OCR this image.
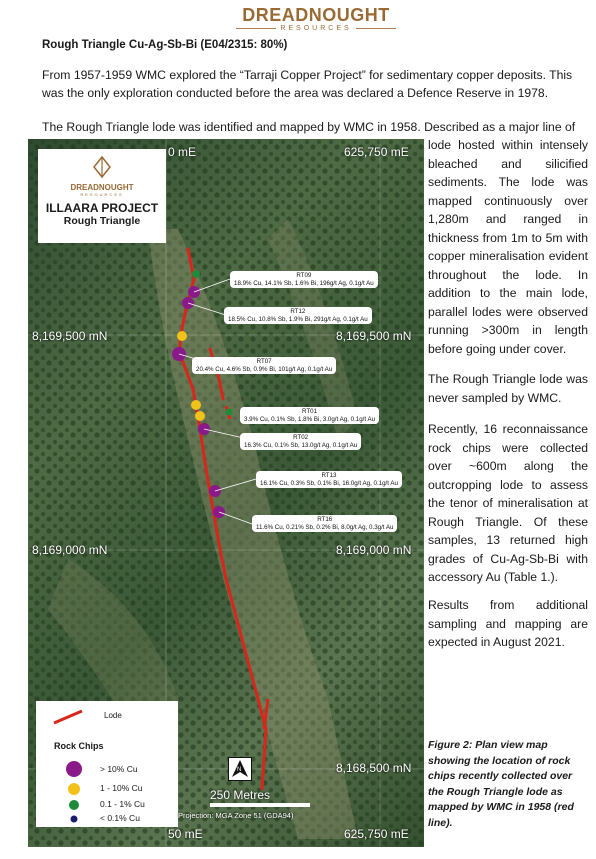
DREADNOUGHT
RESOURCES
Rough Triangle Cu-Ag-Sb-Bi (E04/2315: 80%)
From 1957-1959 WMC explored the “Tarraji Copper Project” for sedimentary copper deposits. This was the only exploration conducted before the area was declared a Defence Reserve in 1978.
The Rough Triangle lode was identified and mapped by WMC in 1958. Described as a major line of
lode hosted within intensely bleached and silicified sediments. The lode was mapped continuously over 1,280m and ranged in thickness from 1m to 5m with copper mineralisation evident throughout the lode. In addition to the main lode, parallel lodes were observed running >300m in length before going under cover.
The Rough Triangle lode was never sampled by WMC.
Recently, 16 reconnaissance rock chips were collected over ~600m along the outcropping lode to assess the tenor of mineralisation at Rough Triangle. Of these samples, 13 returned high grades of Cu-Ag-Sb-Bi with accessory Au (Table 1.).
Results from additional sampling and mapping are expected in August 2021.
Figure 2: Plan view map showing the location of rock chips recently collected over the Rough Triangle lode as mapped by WMC in 1958 (red line).
DREADNOUGHT
RESOURCES
ILLAARA PROJECT
Rough Triangle
0 mE	625,750 mE
8,169,500 mN	8,169,500 mN
8,169,000 mN	8,169,000 mN
8,168,500 mN
50 mE	625,750 mE
RT09
18.9% Cu, 14.1% Sb, 1.6% Bi, 196g/t Ag, 0.1g/t Au
RT12
18.5% Cu, 10.8% Sb, 1.9% Bi, 291g/t Ag, 0.1g/t Au
RT07
20.4% Cu, 4.6% Sb, 0.9% Bi, 101g/t Ag, 0.1g/t Au
RT01
3.9% Cu, 0.1% Sb, 1.8% Bi, 3.0g/t Ag, 0.1g/t Au
RT02
16.3% Cu, 0.1% Sb, 13.0g/t Ag, 0.1g/t Au
RT13
16.1% Cu, 0.3% Sb, 0.1% Bi, 16.0g/t Ag, 0.1g/t Au
RT16
11.6% Cu, 0.21% Sb, 0.2% Bi, 8.0g/t Ag, 0.3g/t Au
Lode
Rock Chips
> 10% Cu
1 - 10% Cu
0.1 - 1% Cu
< 0.1% Cu
N
250 Metres
Projection: MGA Zone 51 (GDA94)
